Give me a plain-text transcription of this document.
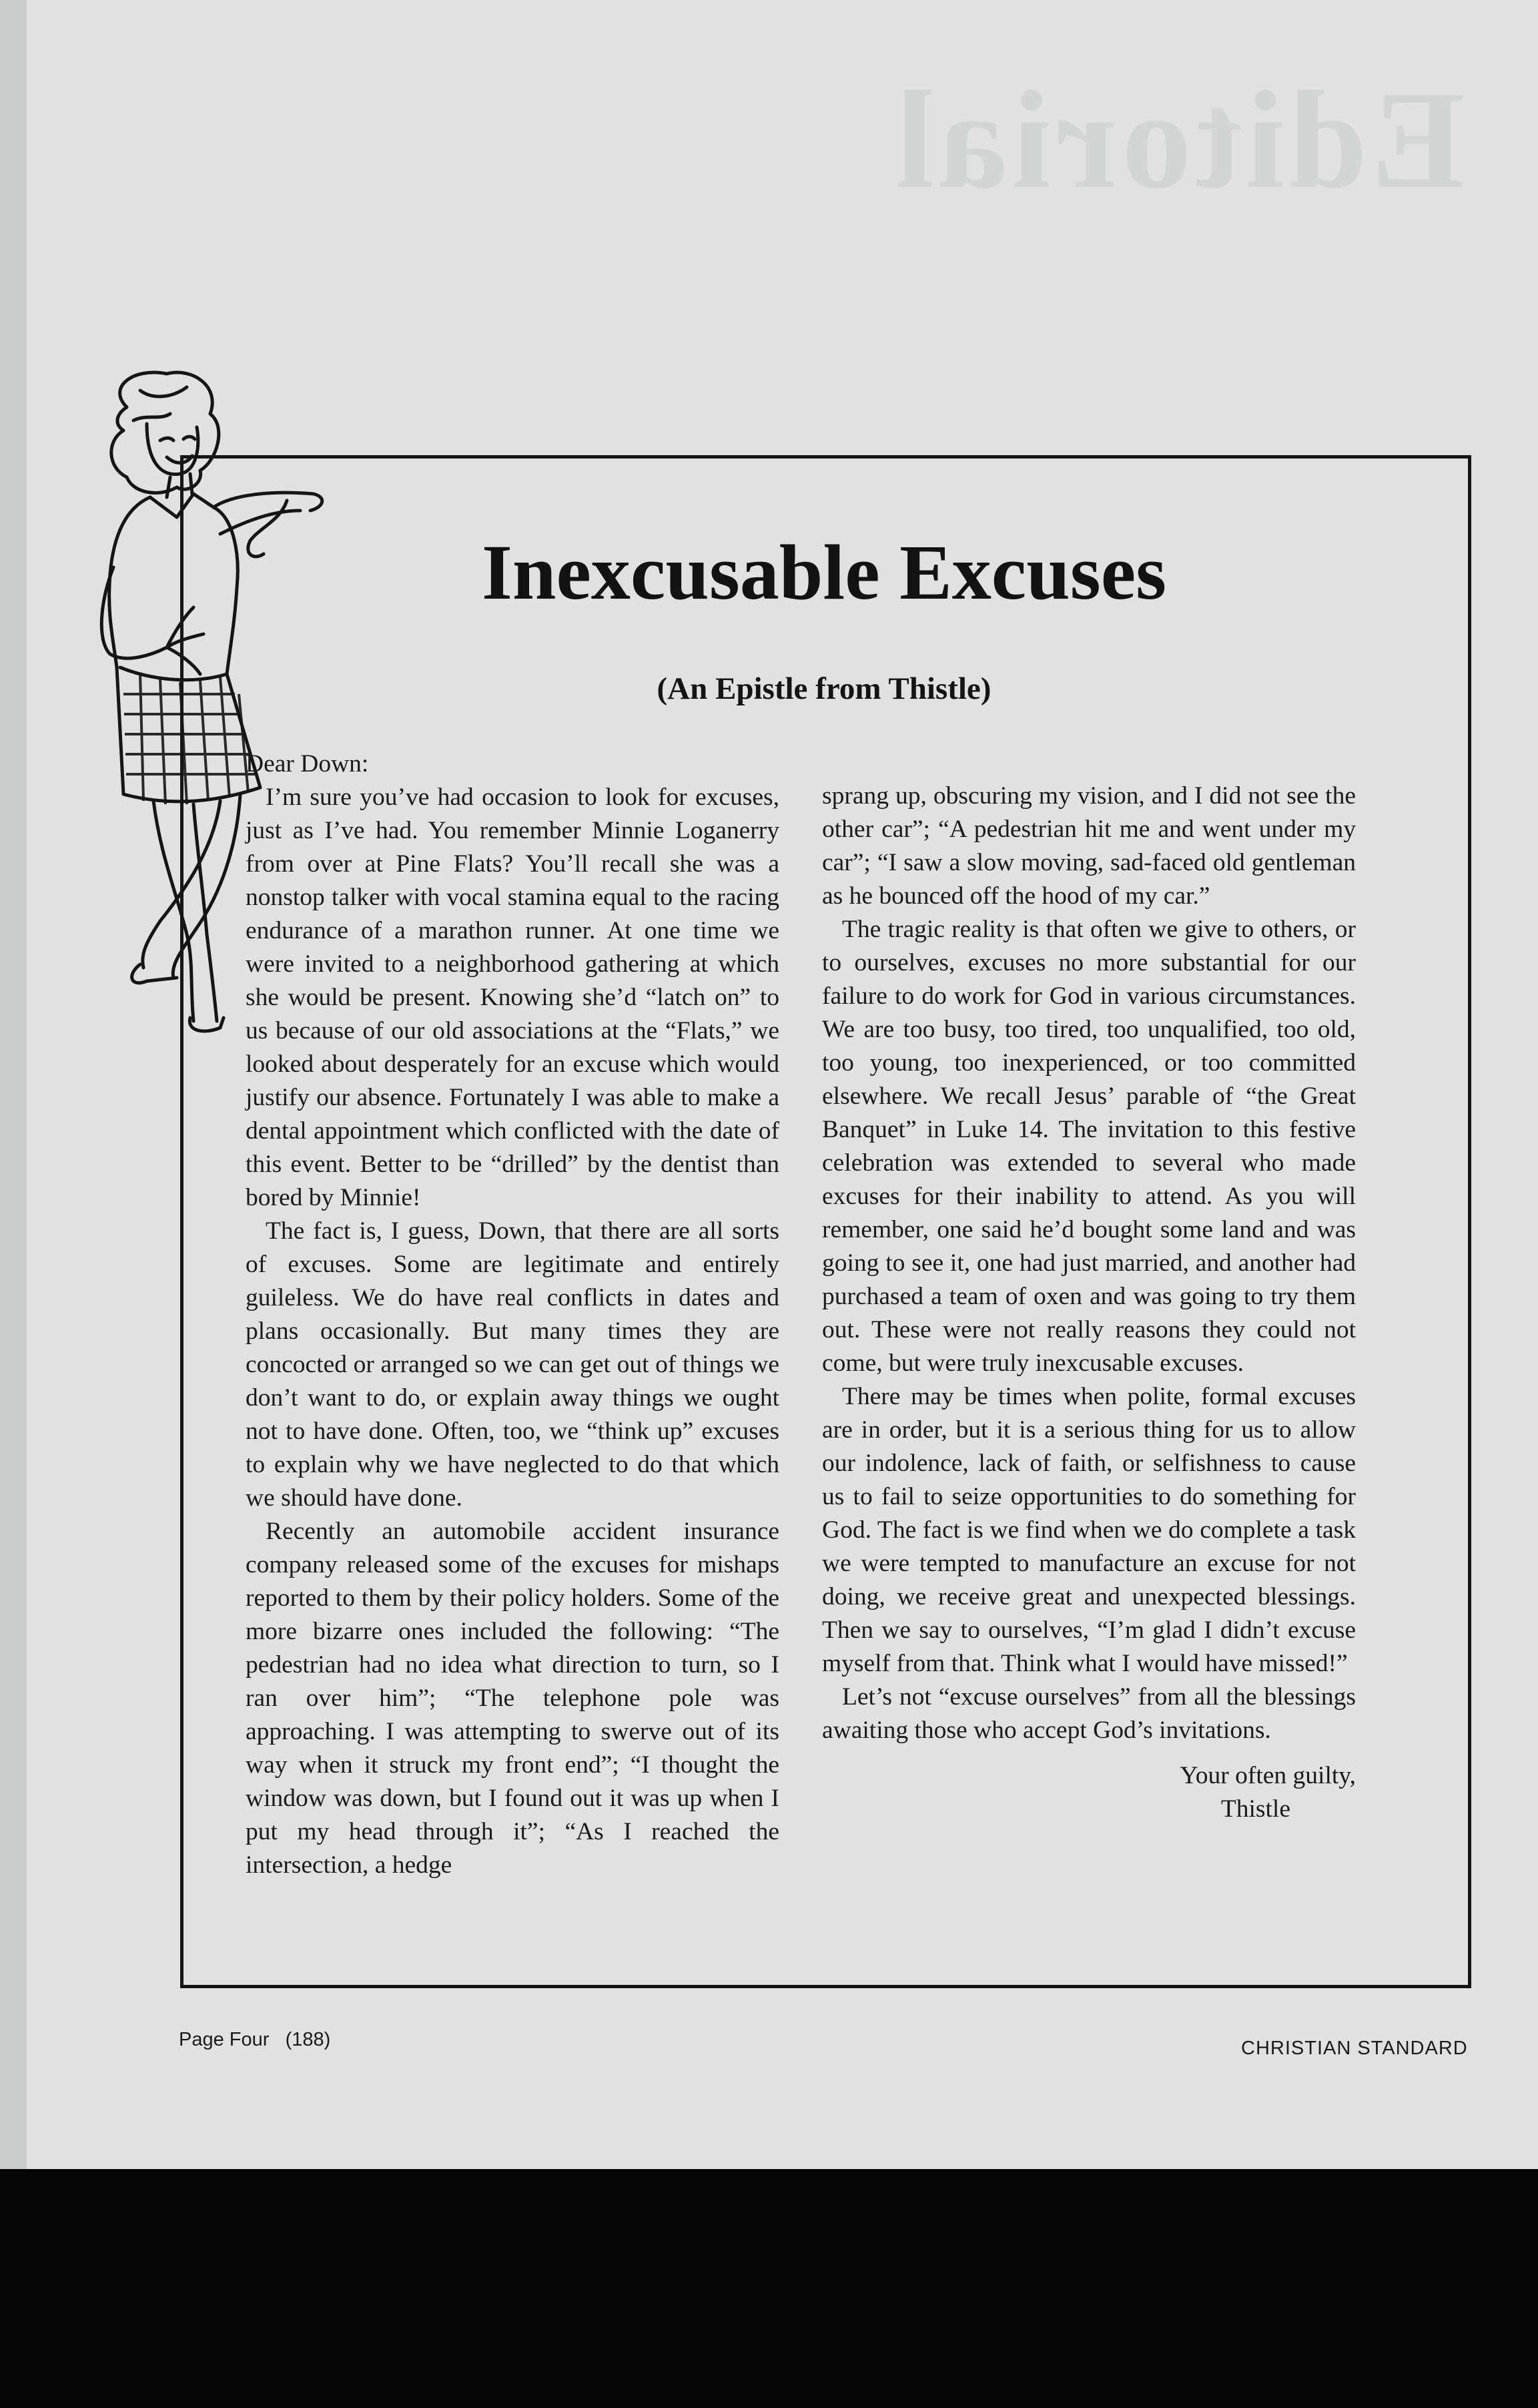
Editorial
Inexcusable Excuses
(An Epistle from Thistle)

Dear Down:

I’m sure you’ve had occasion to look for excuses, just as I’ve had. You remember Minnie Loganerry from over at Pine Flats? You’ll recall she was a nonstop talker with vocal stamina equal to the racing endurance of a marathon runner. At one time we were invited to a neighborhood gathering at which she would be present. Knowing she’d “latch on” to us because of our old associations at the “Flats,” we looked about desperately for an excuse which would justify our absence. Fortunately I was able to make a dental appointment which conflicted with the date of this event. Better to be “drilled” by the dentist than bored by Minnie!

The fact is, I guess, Down, that there are all sorts of excuses. Some are legitimate and entirely guileless. We do have real conflicts in dates and plans occasionally. But many times they are concocted or arranged so we can get out of things we don’t want to do, or explain away things we ought not to have done. Often, too, we “think up” excuses to explain why we have neglected to do that which we should have done.

Recently an automobile accident insurance company released some of the excuses for mishaps reported to them by their policy holders. Some of the more bizarre ones included the following: “The pedestrian had no idea what direction to turn, so I ran over him”; “The telephone pole was approaching. I was attempting to swerve out of its way when it struck my front end”; “I thought the window was down, but I found out it was up when I put my head through it”; “As I reached the intersection, a hedge

sprang up, obscuring my vision, and I did not see the other car”; “A pedestrian hit me and went under my car”; “I saw a slow moving, sad-faced old gentleman as he bounced off the hood of my car.”

The tragic reality is that often we give to others, or to ourselves, excuses no more substantial for our failure to do work for God in various circumstances. We are too busy, too tired, too unqualified, too old, too young, too inexperienced, or too committed elsewhere. We recall Jesus’ parable of “the Great Banquet” in Luke 14. The invitation to this festive celebration was extended to several who made excuses for their inability to attend. As you will remember, one said he’d bought some land and was going to see it, one had just married, and another had purchased a team of oxen and was going to try them out. These were not really reasons they could not come, but were truly inexcusable excuses.

There may be times when polite, formal excuses are in order, but it is a serious thing for us to allow our indolence, lack of faith, or selfishness to cause us to fail to seize opportunities to do something for God. The fact is we find when we do complete a task we were tempted to manufacture an excuse for not doing, we receive great and unexpected blessings. Then we say to ourselves, “I’m glad I didn’t excuse myself from that. Think what I would have missed!”

Let’s not “excuse ourselves” from all the blessings awaiting those who accept God’s invitations.

Your often guilty,

Thistle

Page Four   (188)	CHRISTIAN STANDARD
